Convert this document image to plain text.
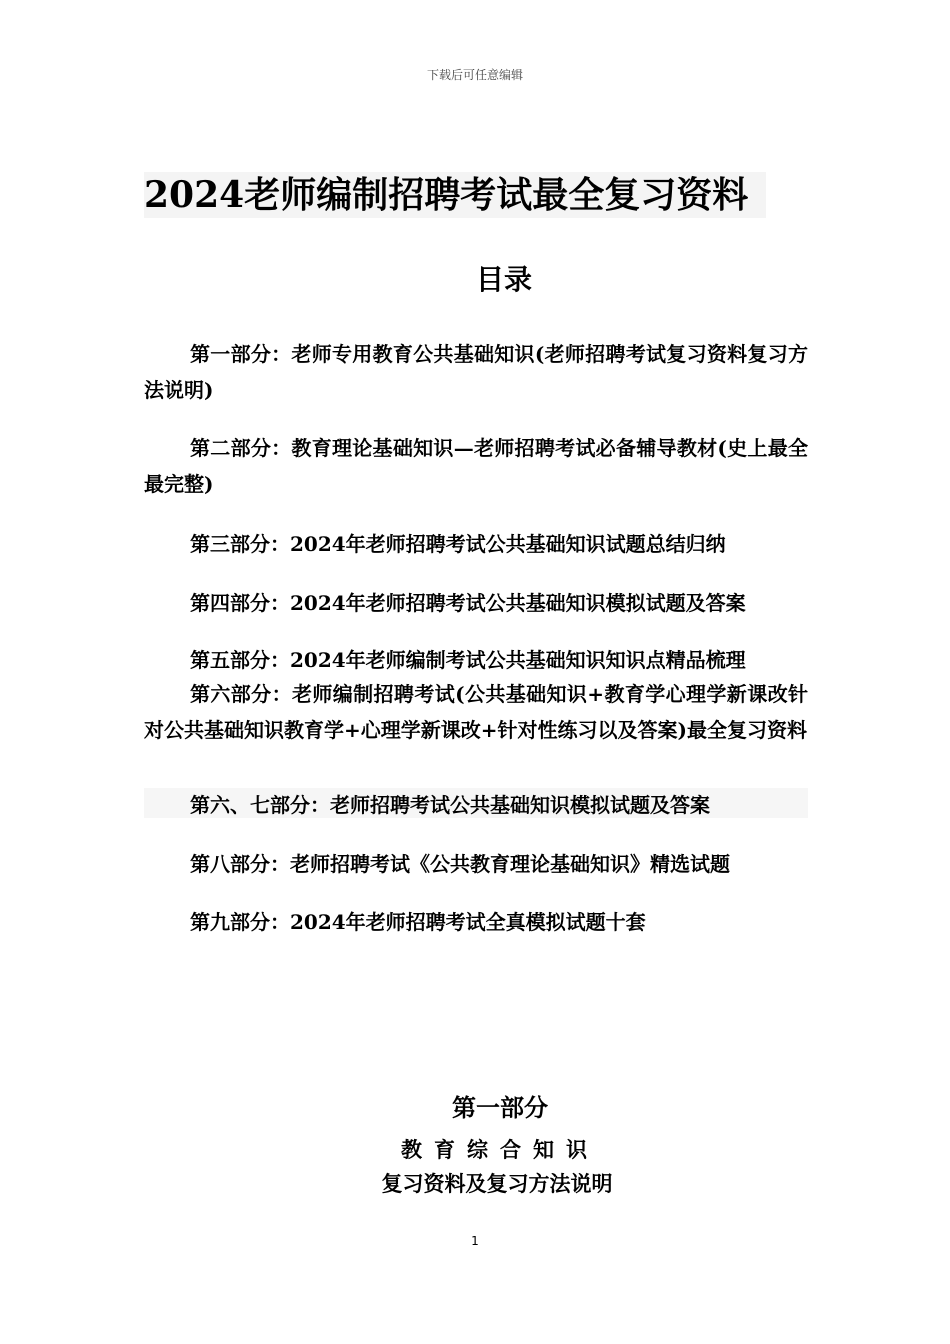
下载后可任意编辑
2024老师编制招聘考试最全复习资料
目录
第一部分：老师专用教育公共基础知识(老师招聘考试复习资料复习方法说明)
第二部分：教育理论基础知识—老师招聘考试必备辅导教材(史上最全最完整)
第三部分：2024年老师招聘考试公共基础知识试题总结归纳
第四部分：2024年老师招聘考试公共基础知识模拟试题及答案
第五部分：2024年老师编制考试公共基础知识知识点精品梳理
第六部分：老师编制招聘考试(公共基础知识+教育学心理学新课改针对公共基础知识教育学+心理学新课改+针对性练习以及答案)最全复习资料
第六、七部分：老师招聘考试公共基础知识模拟试题及答案
第八部分：老师招聘考试《公共教育理论基础知识》精选试题
第九部分：2024年老师招聘考试全真模拟试题十套
第一部分
教育综合知识
复习资料及复习方法说明
1
